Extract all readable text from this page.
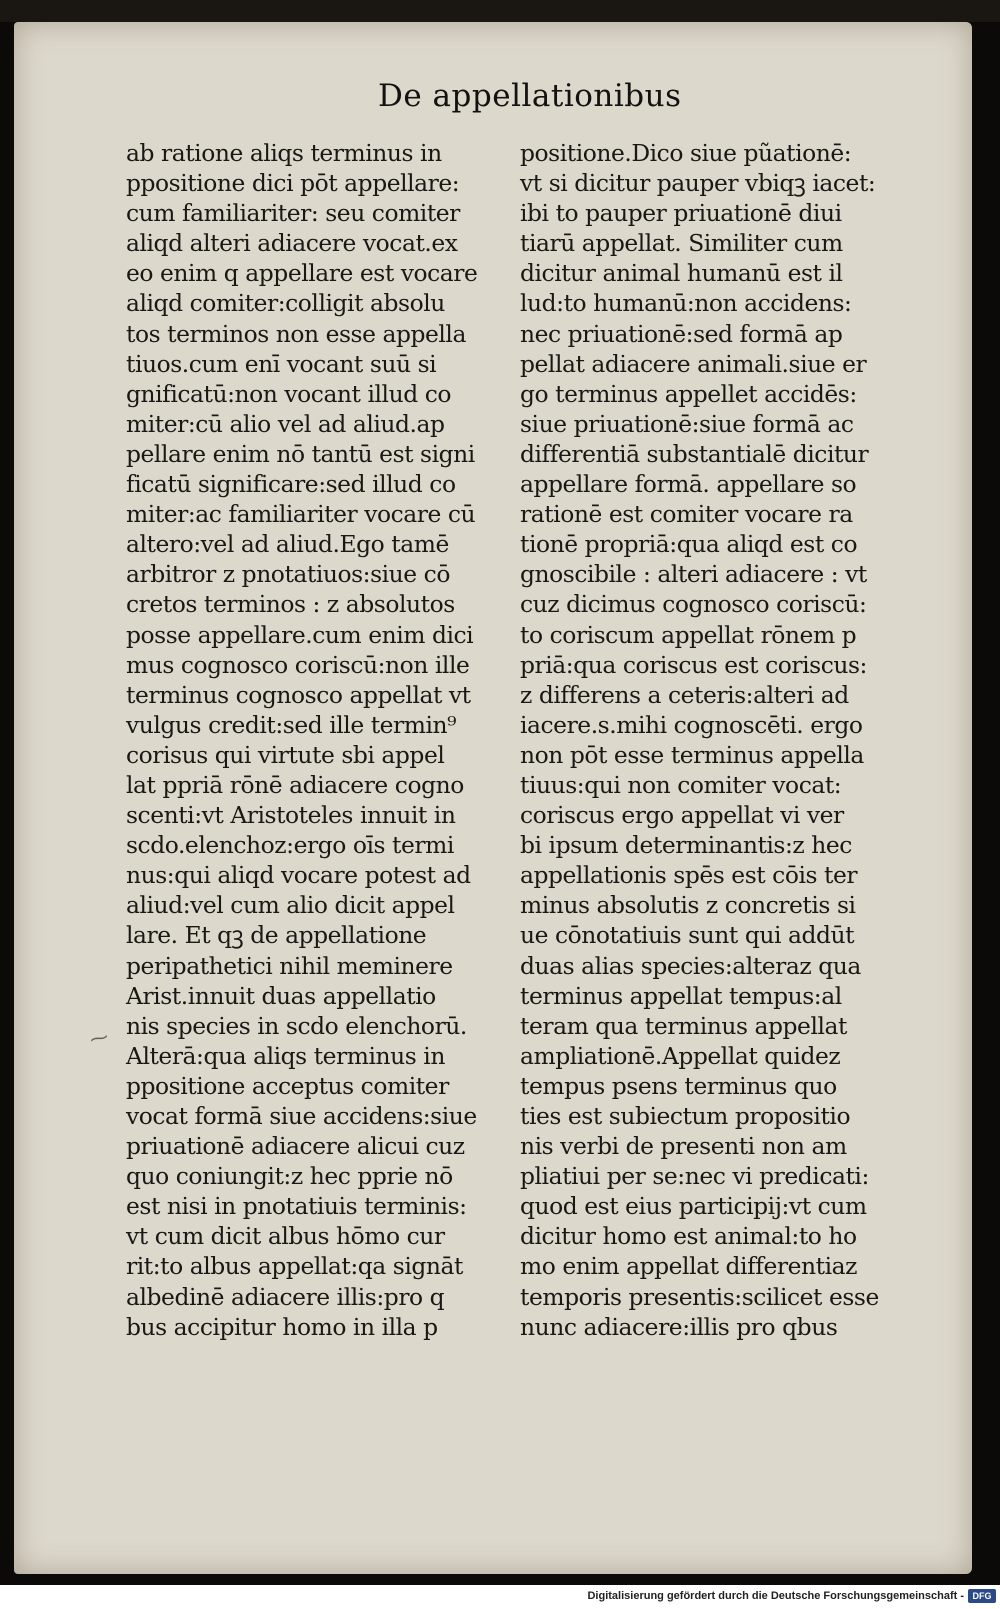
De appellationibus
ab ratione aliqs terminus in
ppositione dici pōt appellare:
cum familiariter: seu comiter
aliqd alteri adiacere vocat.ex
eo enim q appellare est vocare
aliqd comiter:colligit absolu
tos terminos non esse appella
tiuos.cum enī vocant suū si
gnificatū:non vocant illud co
miter:cū alio vel ad aliud.ap
pellare enim nō tantū est signi
ficatū significare:sed illud co
miter:ac familiariter vocare cū
altero:vel ad aliud.Ego tamē
arbitror z pnotatiuos:siue cō
cretos terminos : z absolutos
posse appellare.cum enim dici
mus cognosco coriscū:non ille
terminus cognosco appellat vt
vulgus credit:sed ille termin⁹
corisus qui virtute sbi appel
lat ppriā rōnē adiacere cogno
scenti:vt Aristoteles innuit in
scdo.elenchoz:ergo oīs termi
nus:qui aliqd vocare potest ad
aliud:vel cum alio dicit appel
lare. Et qꝫ de appellatione
peripathetici nihil meminere
Arist.innuit duas appellatio
nis species in scdo elenchorū.
Alterā:qua aliqs terminus in
ppositione acceptus comiter
vocat formā siue accidens:siue
priuationē adiacere alicui cuz
quo coniungit:z hec pprie nō
est nisi in pnotatiuis terminis:
vt cum dicit albus hōmo cur
rit:to albus appellat:qa signāt
albedinē adiacere illis:pro q
bus accipitur homo in illa p
positione.Dico siue pũationē:
vt si dicitur pauper vbiqꝫ iacet:
ibi to pauper priuationē diui
tiarū appellat. Similiter cum
dicitur animal humanū est il
lud:to humanū:non accidens:
nec priuationē:sed formā ap
pellat adiacere animali.siue er
go terminus appellet accidēs:
siue priuationē:siue formā ac
differentiā substantialē dicitur
appellare formā. appellare so
rationē est comiter vocare ra
tionē propriā:qua aliqd est co
gnoscibile : alteri adiacere : vt
cuz dicimus cognosco coriscū:
to coriscum appellat rōnem p
priā:qua coriscus est coriscus:
z differens a ceteris:alteri ad
iacere.s.mihi cognoscēti. ergo
non pōt esse terminus appella
tiuus:qui non comiter vocat:
coriscus ergo appellat vi ver
bi ipsum determinantis:z hec
appellationis spēs est cōis ter
minus absolutis z concretis si
ue cōnotatiuis sunt qui addūt
duas alias species:alteraz qua
terminus appellat tempus:al
teram qua terminus appellat
ampliationē.Appellat quidez
tempus psens terminus quo
ties est subiectum propositio
nis verbi de presenti non am
pliatiui per se:nec vi predicati:
quod est eius participij:vt cum
dicitur homo est animal:to ho
mo enim appellat differentiaz
temporis presentis:scilicet esse
nunc adiacere:illis pro qbus
⁓
Digitalisierung gefördert durch die Deutsche Forschungsgemeinschaft - DFG
